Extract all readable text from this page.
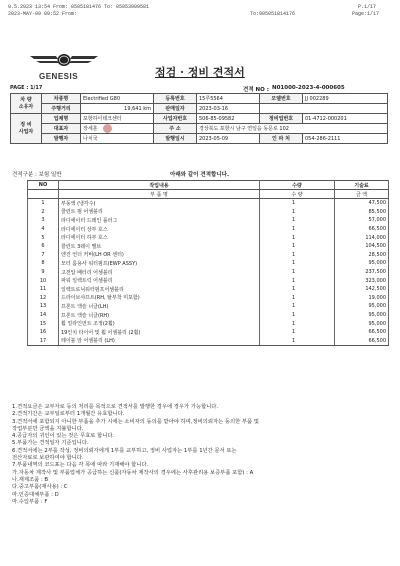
9.5.2023 13:54 From: 0505181476 To: 05053009581	P.1/17
2023-MAY-09 09:52 From:	To:905051814176	Page:1/17
GENESIS	점검 · 정비 견적서
PAGE : 1/17	견적 NO : N01000-2023-4-000605
차 량
소유자	차종명	Electrified G80	등록번호	15루5564	모델번호	JJ 002289
	주행거리	19,641 km	판매일자	2023-03-16		
정 비
사업자	업체명	포항하이테크센터	사업자번호	506-85-09582	정비업번호	01-4712-000201
	대표자	장세훈	주 소	경상북도 포항시 남구 연일읍 동문로 102		
	발행자	나치국	발행일시	2023-05-09	인 파 처	054-286-2111
견적구분 : 보험 일반	아래와 같이 견적합니다.
NO	작업내용	수량	기술료
	부 품 명	수 량	금 액
1	부동액 (냉각수)	1	47,500
2	쿨런트 펌 어셈블리	1	85,500
3	라디에이터 드레인 플러그	1	57,000
4	라디에이터 상부 호스	1	66,500
5	라디에이터 하부 호스	1	114,000
6	쿨런트 3웨이 밸브	1	104,500
7	엔진 언더 커버(LH OR 센터)	1	28,500
8	모터 룸용사 워터펌프(EWP ASSY)	1	95,000
9	고전압 배터리 어셈블리	1	237,500
10	파워 일렉트릭 어셈블리	1	323,000
11	일렉트로닉워터펌프어셈블리	1	142,500
12	드라이브샤프트(RH, 탈부착 미포함)	1	19,000
13	프론트 액슬 너클(LH)	1	95,000
14	프론트 액슬 너클(RH)	1	95,000
15	휠 얼라인먼트 조정(2휠)	1	95,000
16	19인치 타이어 및 휠 어셈블리 (2휠)	1	66,500
17	레이블 암 어셈블리 (LH)	1	66,500
1.견적요금은 교부자로 등의 처리를 목적으로 견적서를 발행한 경우에 경우가 가능합니다.
2.견적기간은 교부일로부터 1개월간 유효합니다.
3.견적서에 포함되지 아니한 부품을 추가 시에는 소비자의 동의를 받아야 하며,정비의뢰자는 동의한 부품 및
작업부분만 금액을 지불합니다.
4.공급자의 귀인이 있는 것은 무효로 합니다.
5.부품가는 견적일자 기준입니다.
6.견적서에는 2부를 작성, 정비의뢰자에게 1부를 교부하고, 정비 사업자는 1부를 1년간 문서 또는
전산자료로 보관하여야 합니다.
7.부품내역의 코드표는 다음 각 목에 따라 기재해야 합니다.
가.자동차 제작사 및 부품업체가 공급하는 신품(자동차 제작사의 경우에는 사후관리용 보증부품 포함) : A
나.재제조품 : B
다.중고부품(재사용) : C
마.인증대체부품 : D
마.수입부품 : F
